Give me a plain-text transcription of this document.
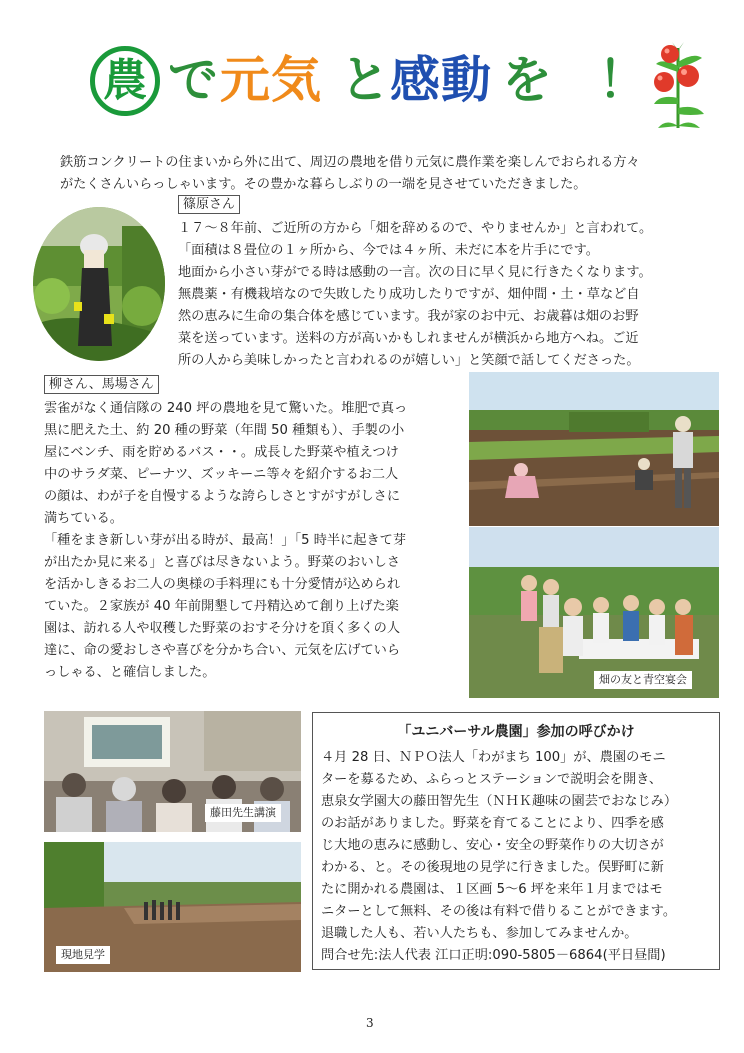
農 で 元気 と 感動 を ！
鉄筋コンクリートの住まいから外に出て、周辺の農地を借り元気に農作業を楽しんでおられる方々
がたくさんいらっしゃいます。その豊かな暮らしぶりの一端を見させていただきました。
篠原さん
１７～８年前、ご近所の方から「畑を辞めるので、やりませんか」と言われて。
「面積は８畳位の１ヶ所から、今では４ヶ所、未だに本を片手にです。
地面から小さい芽がでる時は感動の一言。次の日に早く見に行きたくなります。
無農薬・有機栽培なので失敗したり成功したりですが、畑仲間・土・草など自
然の恵みに生命の集合体を感じています。我が家のお中元、お歳暮は畑のお野
菜を送っています。送料の方が高いかもしれませんが横浜から地方へね。ご近
所の人から美味しかったと言われるのが嬉しい」と笑顔で話してくださった。
柳さん、馬場さん
雲雀がなく通信隊の 240 坪の農地を見て驚いた。堆肥で真っ
黒に肥えた土、約 20 種の野菜（年間 50 種類も）、手製の小
屋にベンチ、雨を貯めるバス・・。成長した野菜や植えつけ
中のサラダ菜、ピーナツ、ズッキーニ等々を紹介するお二人
の顔は、わが子を自慢するような誇らしさとすがすがしさに
満ちている。
「種をまき新しい芽が出る時が、最高！」「5 時半に起きて芽
が出たか見に来る」と喜びは尽きないよう。野菜のおいしさ
を活かしきるお二人の奥様の手料理にも十分愛情が込められ
ていた。２家族が 40 年前開墾して丹精込めて創り上げた楽
園は、訪れる人や収穫した野菜のおすそ分けを頂く多くの人
達に、命の愛おしさや喜びを分かち合い、元気を広げていら
っしゃる、と確信しました。	畑の友と青空宴会
藤田先生講演
現地見学
「ユニバーサル農園」参加の呼びかけ
４月 28 日、ＮＰＯ法人「わがまち 100」が、農園のモニ
ターを募るため、ふらっとステーションで説明会を開き、
恵泉女学園大の藤田智先生（ＮＨＫ趣味の園芸でおなじみ）
のお話がありました。野菜を育てることにより、四季を感
じ大地の恵みに感動し、安心・安全の野菜作りの大切さが
わかる、と。その後現地の見学に行きました。俣野町に新
たに開かれる農園は、１区画 5～6 坪を来年１月まではモ
ニターとして無料、その後は有料で借りることができます。
退職した人も、若い人たちも、参加してみませんか。
問合せ先:法人代表 江口正明:090-5805－6864(平日昼間)
3
